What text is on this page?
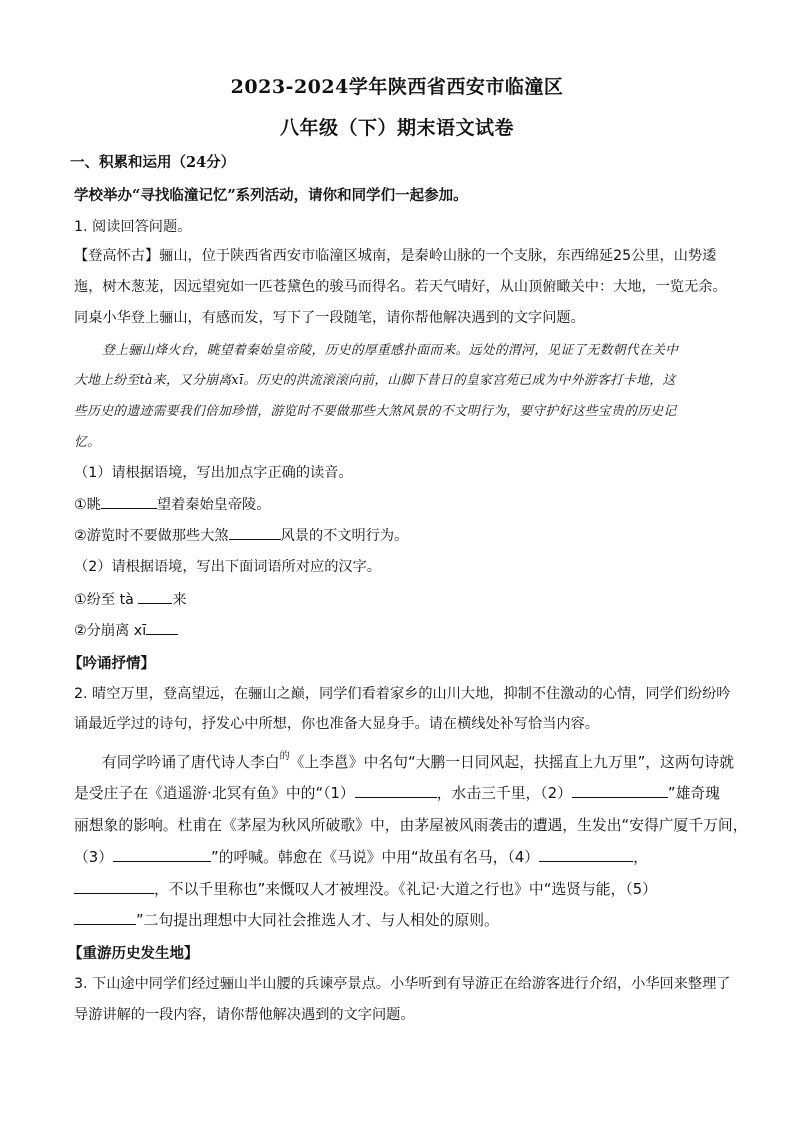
2023-2024学年陕西省西安市临潼区
八年级（下）期末语文试卷
一、积累和运用（24分）
学校举办“寻找临潼记忆”系列活动，请你和同学们一起参加。
1. 阅读回答问题。
【登高怀古】骊山，位于陕西省西安市临潼区城南，是秦岭山脉的一个支脉，东西绵延25公里，山势逶
迤，树木葱茏，因远望宛如一匹苍黛色的骏马而得名。若天气晴好，从山顶俯瞰关中：大地，一览无余。
同桌小华登上骊山，有感而发，写下了一段随笔，请你帮他解决遇到的文字问题。
登上骊山烽火台，眺望着秦始皇帝陵，历史的厚重感扑面而来。远处的渭河，见证了无数朝代在关中
大地上纷至tà来，又分崩离xī。历史的洪流滚滚向前，山脚下昔日的皇家宫苑已成为中外游客打卡地，这
些历史的遗迹需要我们倍加珍惜，游览时不要做那些大煞风景的不文明行为，要守护好这些宝贵的历史记
忆。
（1）请根据语境，写出加点字正确的读音。
①眺	望着秦始皇帝陵。
②游览时不要做那些大煞	风景的不文明行为。
（2）请根据语境，写出下面词语所对应的汉字。
①纷至 tà 来
②分崩离 xī
【吟诵抒情】
2. 晴空万里，登高望远，在骊山之巅，同学们看着家乡的山川大地，抑制不住激动的心情，同学们纷纷吟
诵最近学过的诗句，抒发心中所想，你也准备大显身手。请在横线处补写恰当内容。
有同学吟诵了唐代诗人李白$^的$《上李邕》中名句“大鹏一日同风起，扶摇直上九万里”，这两句诗就
是受庄子在《逍遥游·北冥有鱼》中的“（1）	，水击三千里，（2）	”雄奇瑰
丽想象的影响。杜甫在《茅屋为秋风所破歌》中，由茅屋被风雨袭击的遭遇，生发出“安得广厦千万间，
（3）	”的呼喊。韩愈在《马说》中用“故虽有名马，（4）	，
，不以千里称也”来慨叹人才被埋没。《礼记·大道之行也》中“选贤与能，（5）
”二句提出理想中大同社会推选人才、与人相处的原则。
【重游历史发生地】
3. 下山途中同学们经过骊山半山腰的兵谏亭景点。小华听到有导游正在给游客进行介绍，小华回来整理了
导游讲解的一段内容，请你帮他解决遇到的文字问题。
